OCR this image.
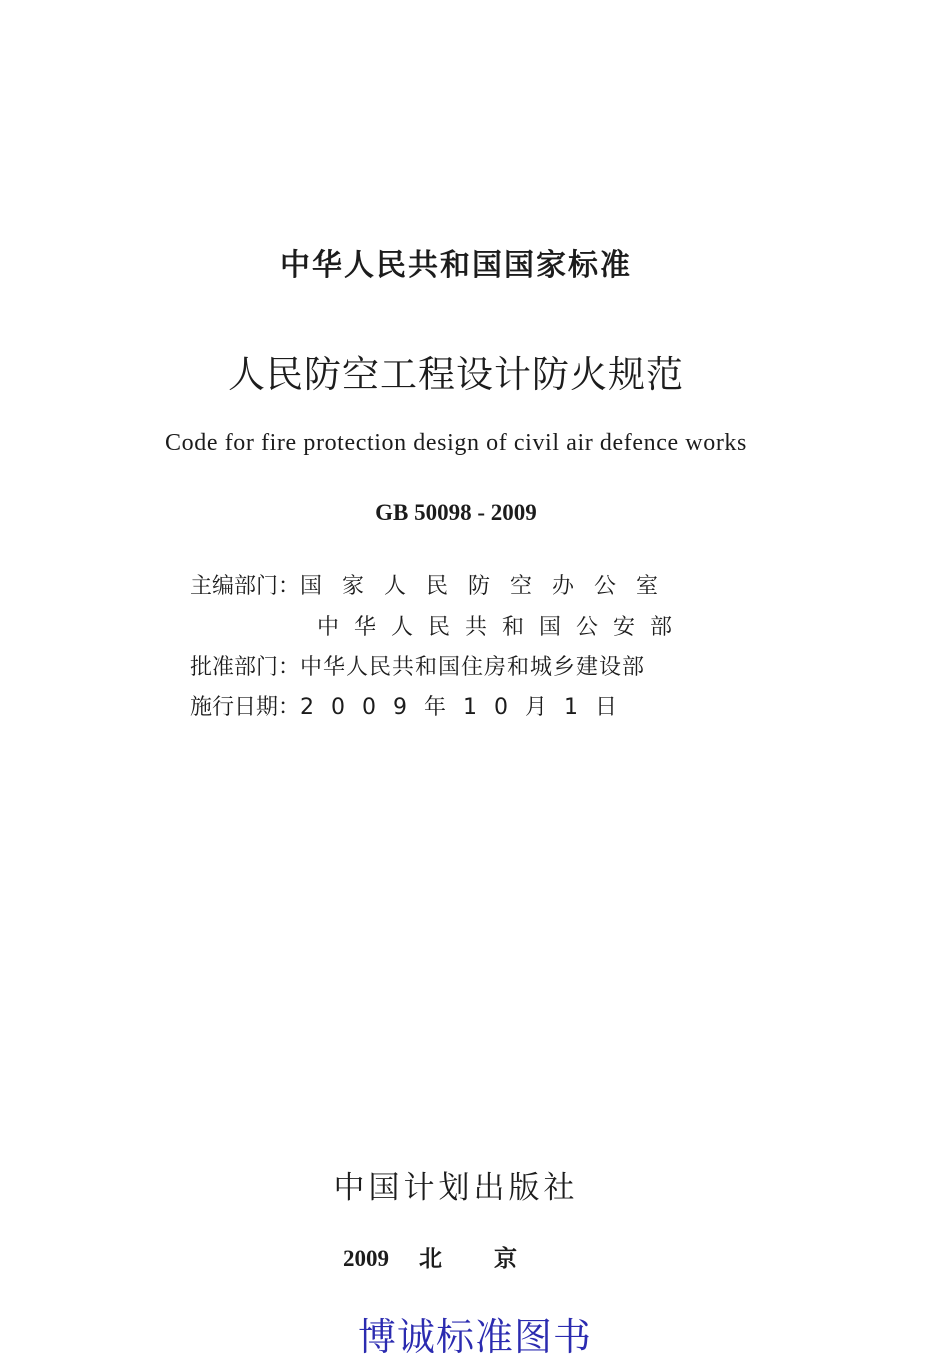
中华人民共和国国家标准
人民防空工程设计防火规范
Code for fire protection design of civil air defence works
GB 50098 - 2009
主编部门：国家人民防空办公室
中华人民共和国公安部
批准部门：中华人民共和国住房和城乡建设部
施行日期：2009年10月1日
中国计划出版社
2009 北京
博诚标准图书
